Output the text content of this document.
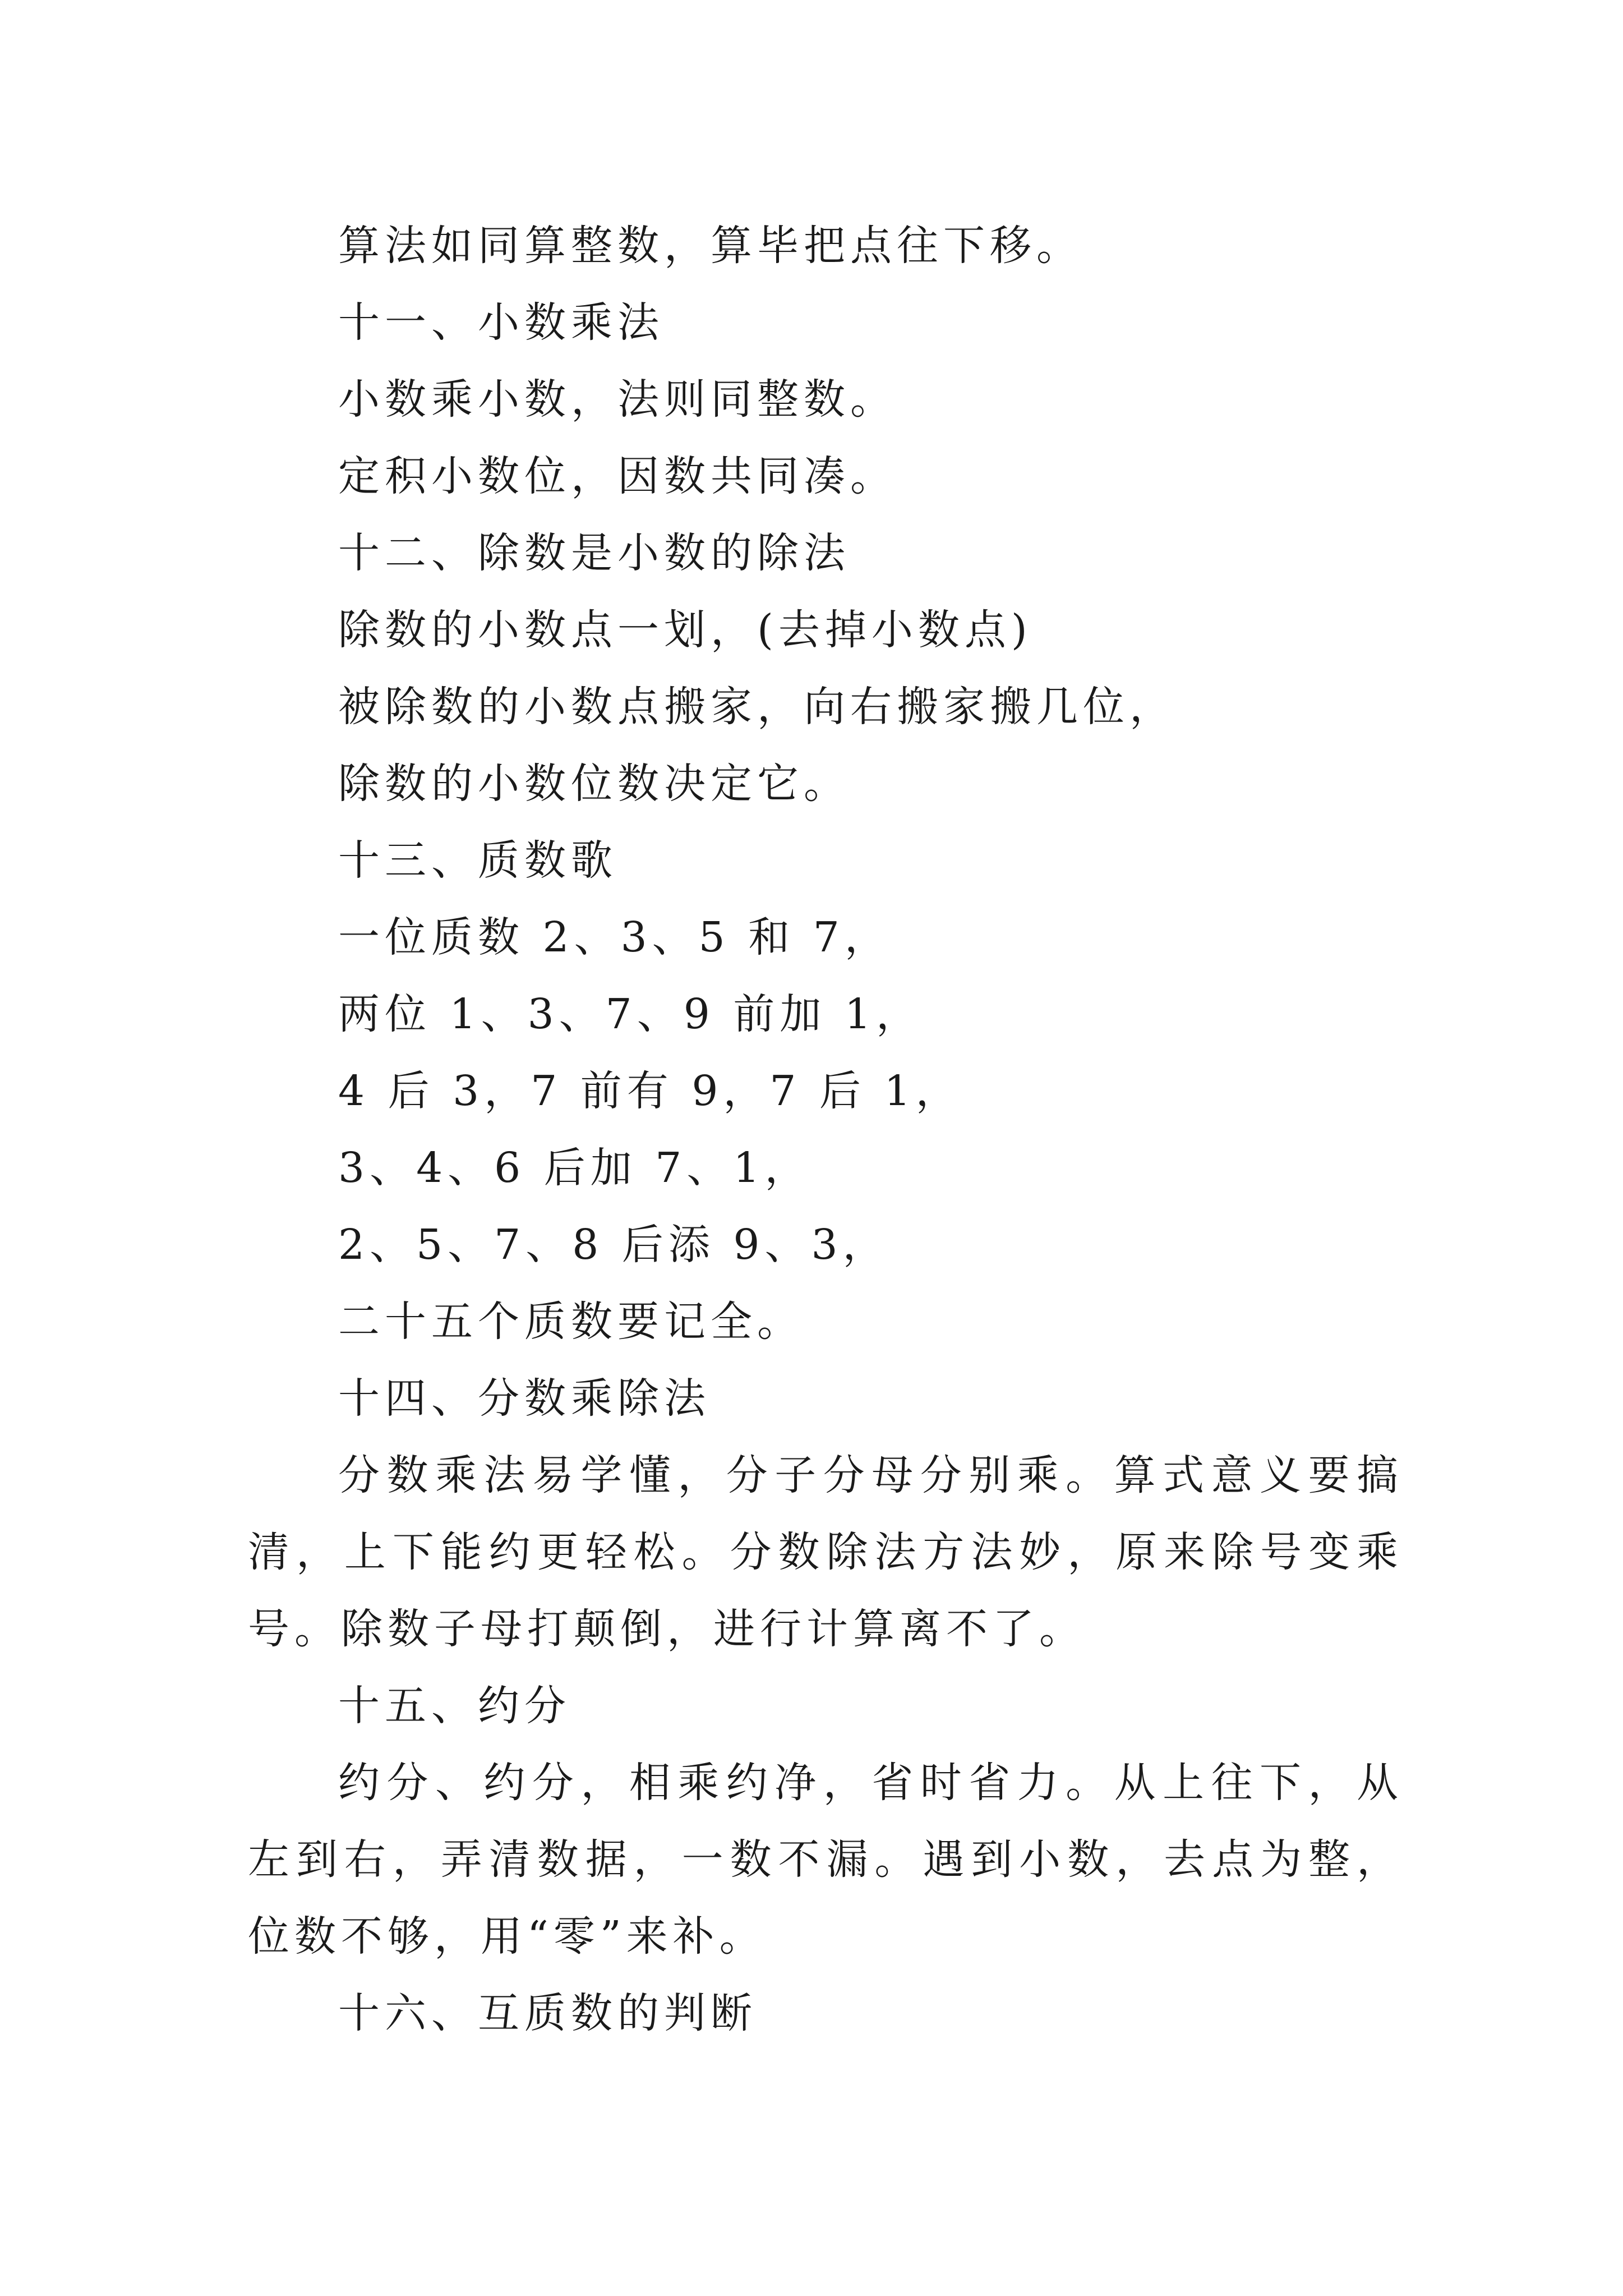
算法如同算整数，算毕把点往下移。

十一、小数乘法

小数乘小数，法则同整数。

定积小数位，因数共同凑。

十二、除数是小数的除法

除数的小数点一划，(去掉小数点)

被除数的小数点搬家，向右搬家搬几位，

除数的小数位数决定它。

十三、质数歌

一位质数 2、3、5 和 7，

两位 1、3、7、9 前加 1，

4 后 3，7 前有 9，7 后 1，

3、4、6 后加 7、1，

2、5、7、8 后添 9、3，

二十五个质数要记全。

十四、分数乘除法

分数乘法易学懂，分子分母分别乘。算式意义要搞清，上下能约更轻松。分数除法方法妙，原来除号变乘号。除数子母打颠倒，进行计算离不了。

十五、约分

约分、约分，相乘约净，省时省力。从上往下，从左到右，弄清数据，一数不漏。遇到小数，去点为整，位数不够，用“零”来补。

十六、互质数的判断
